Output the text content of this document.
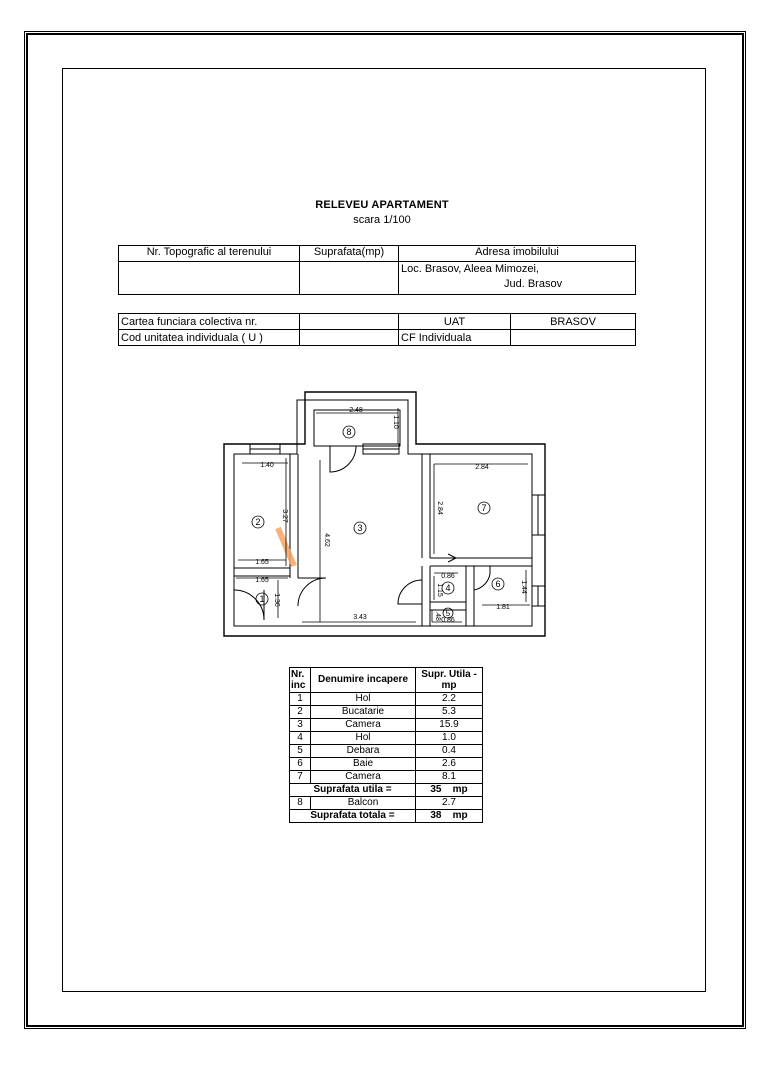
RELEVEU APARTAMENT
scara 1/100
Nr. Topografic al terenului	Suprafata(mp)	Adresa imobilului

		Loc. Brasov, Aleea Mimozei,
Jud. Brasov
Cartea funciara colectiva nr.		UAT	BRASOV
Cod unitatea individuala ( U )		CF Individuala	
2.48
1.10
1.40
3.27
1.65
1.65
1.36
4.62
3.43
2.84
2.84
0.86
1.15
.48 0.86
1.44
1.81
8
2
3
7
1
4
5
6
Nr. inc	Denumire incapere	Supr. Utila - mp
1	Hol	2.2
2	Bucatarie	5.3
3	Camera	15.9
4	Hol	1.0
5	Debara	0.4
6	Baie	2.6
7	Camera	8.1
Suprafata utila =		35 mp
8	Balcon	2.7
Suprafata totala =		38 mp
